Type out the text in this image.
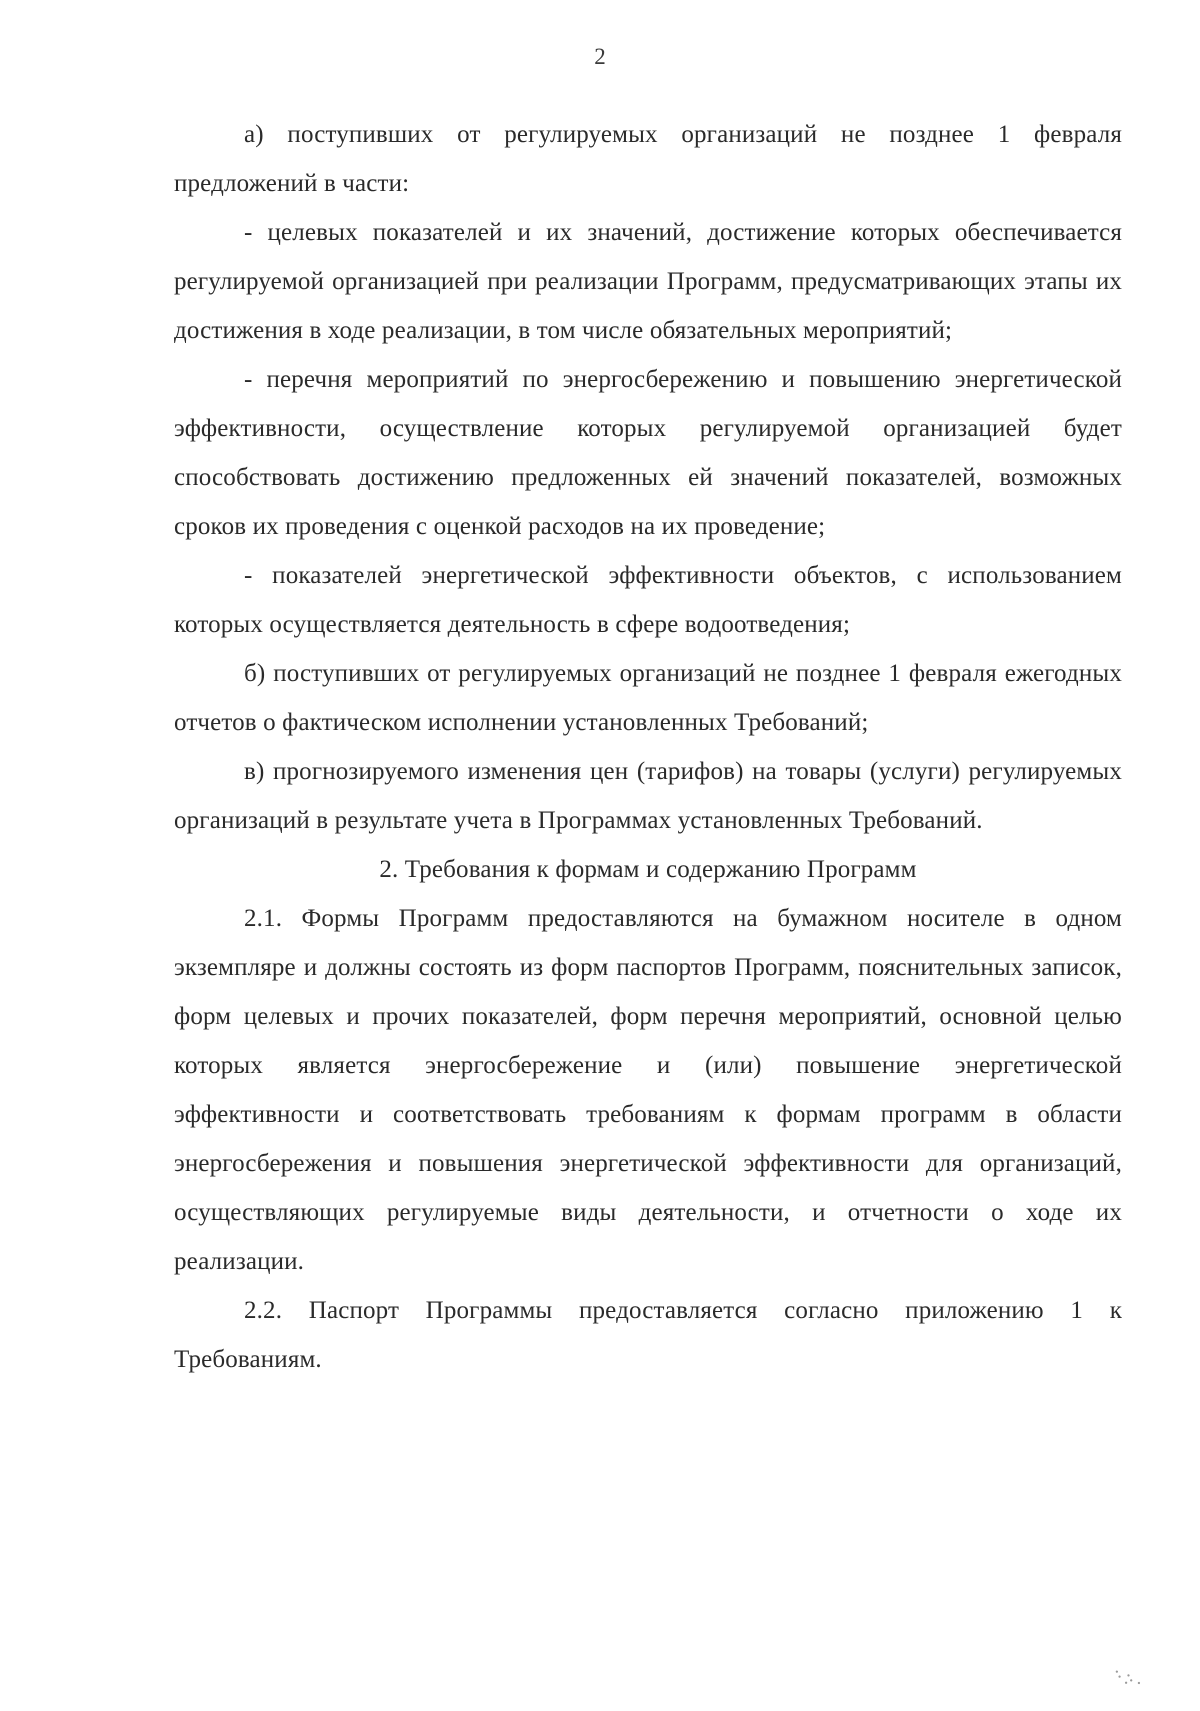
2

а) поступивших от регулируемых организаций не позднее 1 февраля предложений в части:

- целевых показателей и их значений, достижение которых обеспечивается регулируемой организацией при реализации Программ, предусматривающих этапы их достижения в ходе реализации, в том числе обязательных мероприятий;

- перечня мероприятий по энергосбережению и повышению энергетической эффективности, осуществление которых регулируемой организацией будет способствовать достижению предложенных ей значений показателей, возможных сроков их проведения с оценкой расходов на их проведение;

- показателей энергетической эффективности объектов, с использованием которых осуществляется деятельность в сфере водоотведения;

б) поступивших от регулируемых организаций не позднее 1 февраля ежегодных отчетов о фактическом исполнении установленных Требований;

в) прогнозируемого изменения цен (тарифов) на товары (услуги) регулируемых организаций в результате учета в Программах установленных Требований.

2. Требования к формам и содержанию Программ

2.1. Формы Программ предоставляются на бумажном носителе в одном экземпляре и должны состоять из форм паспортов Программ, пояснительных записок, форм целевых и прочих показателей, форм перечня мероприятий, основной целью которых является энергосбережение и (или) повышение энергетической эффективности и соответствовать требованиям к формам программ в области энергосбережения и повышения энергетической эффективности для организаций, осуществляющих регулируемые виды деятельности, и отчетности о ходе их реализации.

2.2. Паспорт Программы предоставляется согласно приложению 1 к Требованиям.

⠑⠕⠂
